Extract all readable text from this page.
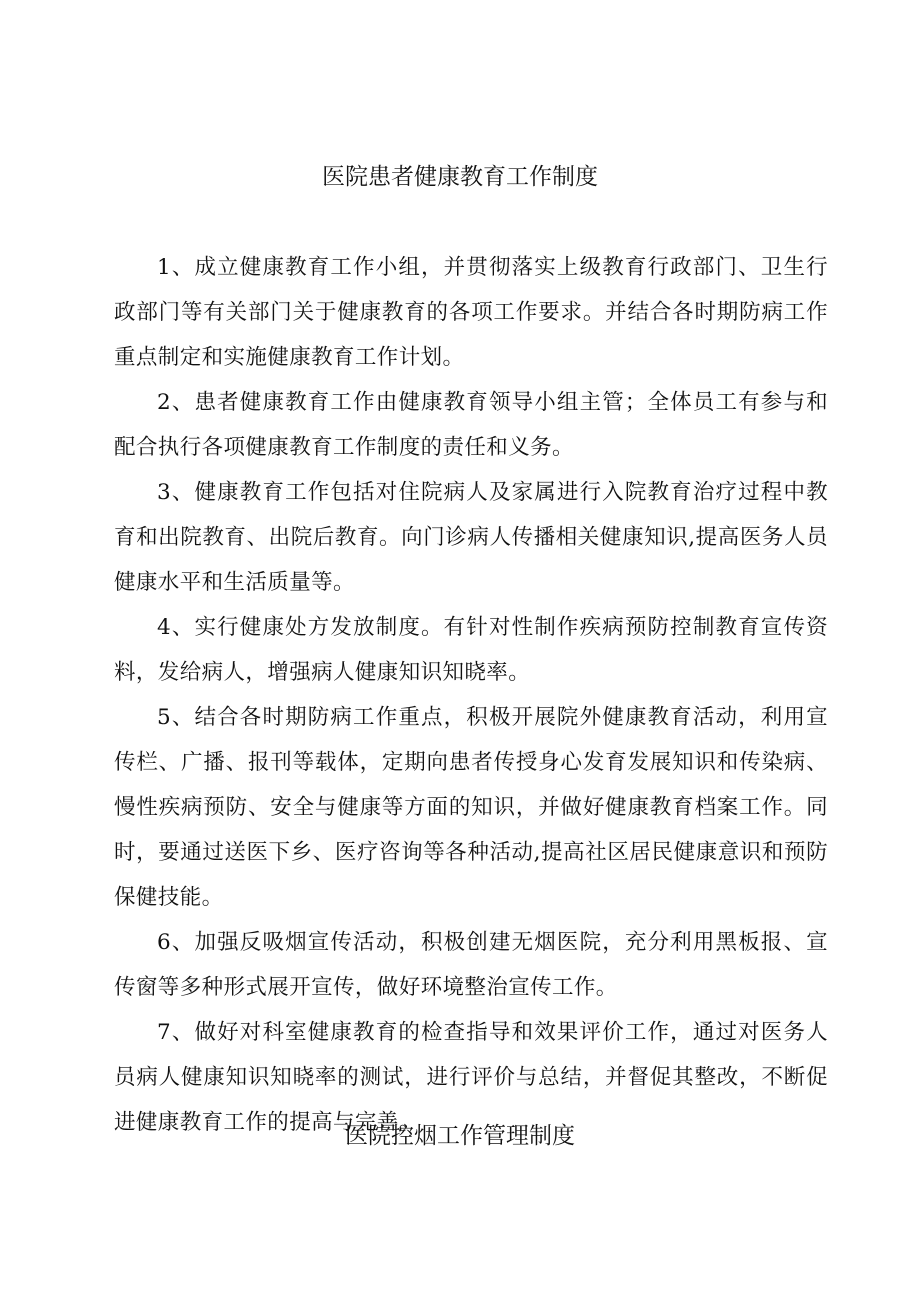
医院患者健康教育工作制度

1、成立健康教育工作小组，并贯彻落实上级教育行政部门、卫生行政部门等有关部门关于健康教育的各项工作要求。并结合各时期防病工作重点制定和实施健康教育工作计划。

2、患者健康教育工作由健康教育领导小组主管；全体员工有参与和配合执行各项健康教育工作制度的责任和义务。

3、健康教育工作包括对住院病人及家属进行入院教育治疗过程中教育和出院教育、出院后教育。向门诊病人传播相关健康知识,提高医务人员健康水平和生活质量等。

4、实行健康处方发放制度。有针对性制作疾病预防控制教育宣传资料，发给病人，增强病人健康知识知晓率。

5、结合各时期防病工作重点，积极开展院外健康教育活动，利用宣传栏、广播、报刊等载体，定期向患者传授身心发育发展知识和传染病、慢性疾病预防、安全与健康等方面的知识，并做好健康教育档案工作。同时，要通过送医下乡、医疗咨询等各种活动,提高社区居民健康意识和预防保健技能。

6、加强反吸烟宣传活动，积极创建无烟医院，充分利用黑板报、宣传窗等多种形式展开宣传，做好环境整治宣传工作。

7、做好对科室健康教育的检查指导和效果评价工作，通过对医务人员病人健康知识知晓率的测试，进行评价与总结，并督促其整改，不断促进健康教育工作的提高与完善。

医院控烟工作管理制度
